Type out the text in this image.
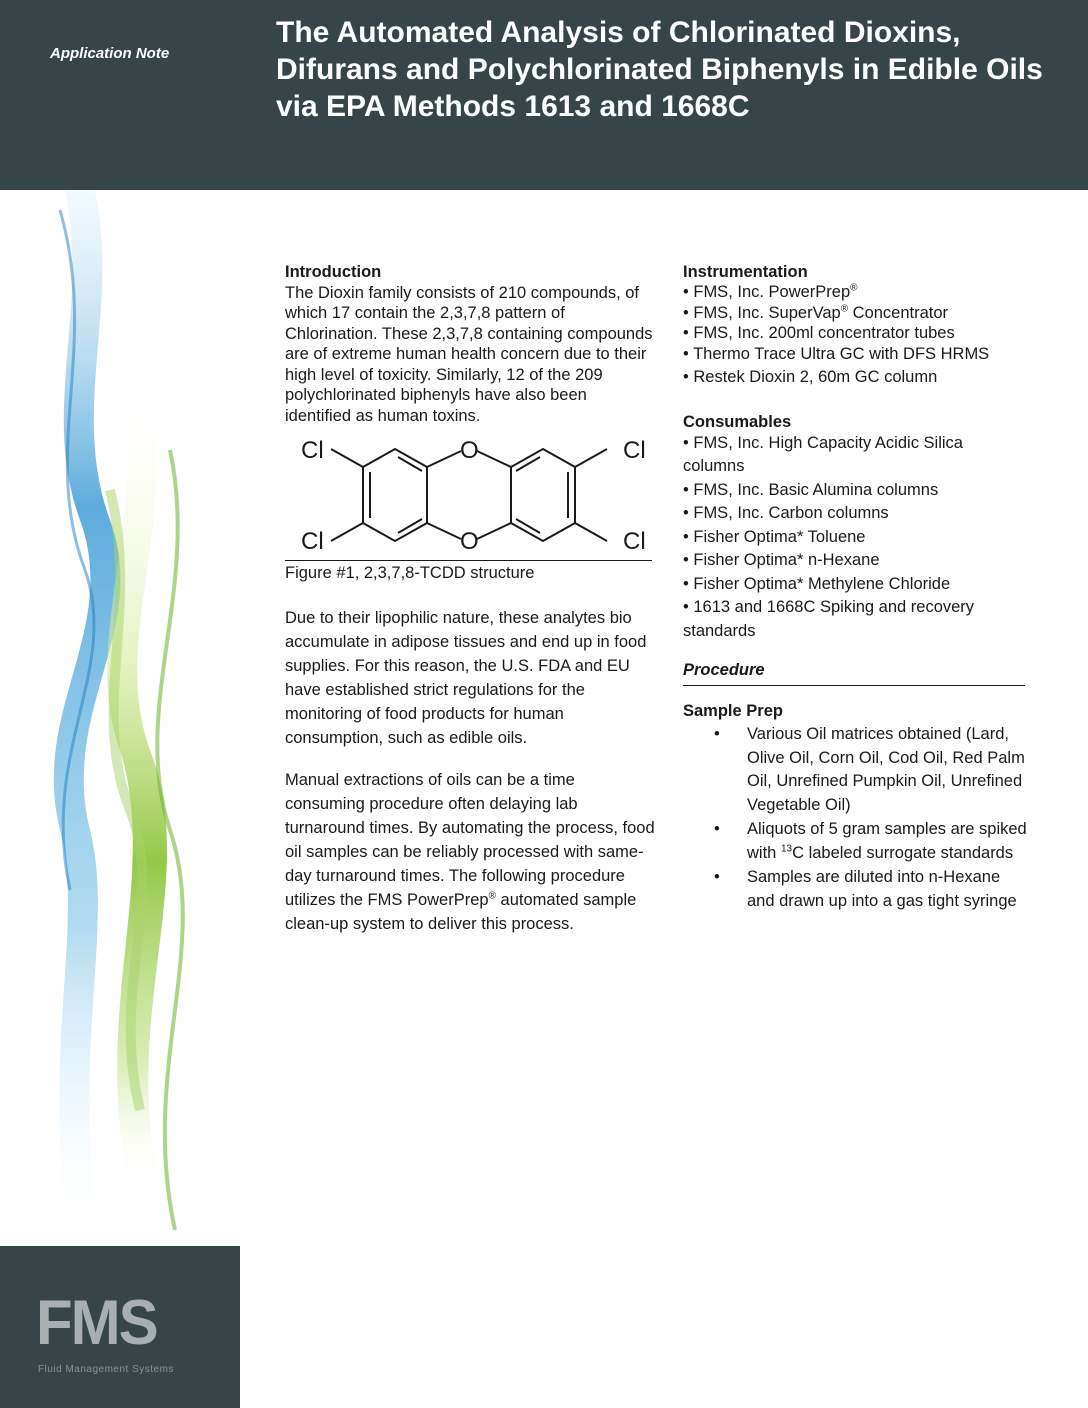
Application Note
The Automated Analysis of Chlorinated Dioxins, Difurans and Polychlorinated Biphenyls in Edible Oils via EPA Methods 1613 and 1668C
FMS
Fluid Management Systems
Introduction

The Dioxin family consists of 210 compounds, of which 17 contain the 2,3,7,8 pattern of Chlorination. These 2,3,7,8 containing compounds are of extreme human health concern due to their high level of toxicity. Similarly, 12 of the 209 polychlorinated biphenyls have also been identified as human toxins.

Cl
Cl
Cl
Cl
O
O
Figure #1, 2,3,7,8-TCDD structure

Due to their lipophilic nature, these analytes bio accumulate in adipose tissues and end up in food supplies. For this reason, the U.S. FDA and EU have established strict regulations for the monitoring of food products for human consumption, such as edible oils.

Manual extractions of oils can be a time consuming procedure often delaying lab turnaround times. By automating the process, food oil samples can be reliably processed with same-day turnaround times. The following procedure utilizes the FMS PowerPrep® automated sample clean-up system to deliver this process.

Instrumentation
• FMS, Inc. PowerPrep®
• FMS, Inc. SuperVap® Concentrator
• FMS, Inc. 200ml concentrator tubes
• Thermo Trace Ultra GC with DFS HRMS
• Restek Dioxin 2, 60m GC column
Consumables
• FMS, Inc. High Capacity Acidic Silica columns
• FMS, Inc. Basic Alumina columns
• FMS, Inc. Carbon columns
• Fisher Optima* Toluene
• Fisher Optima* n-Hexane
• Fisher Optima* Methylene Chloride
• 1613 and 1668C Spiking and recovery standards
Procedure
Sample Prep
• Various Oil matrices obtained (Lard, Olive Oil, Corn Oil, Cod Oil, Red Palm Oil, Unrefined Pumpkin Oil, Unrefined Vegetable Oil)
• Aliquots of 5 gram samples are spiked with $^{13}$C labeled surrogate standards
• Samples are diluted into n-Hexane and drawn up into a gas tight syringe
